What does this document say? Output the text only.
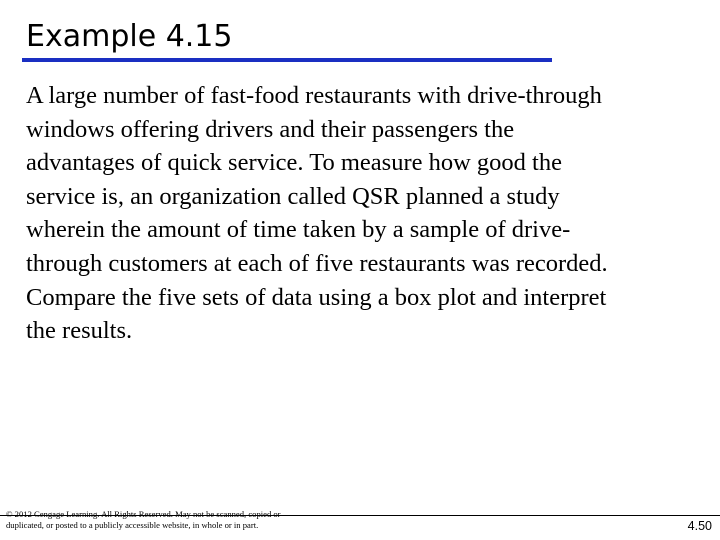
Example 4.15

A large number of fast-food restaurants with drive-through
windows offering drivers and their passengers the
advantages of quick service. To measure how good the
service is, an organization called QSR planned a study
wherein the amount of time taken by a sample of drive-
through customers at each of five restaurants was recorded.
Compare the five sets of data using a box plot and interpret
the results.

© 2012 Cengage Learning. All Rights Reserved. May not be scanned, copied or
duplicated, or posted to a publicly accessible website, in whole or in part.	4.50
